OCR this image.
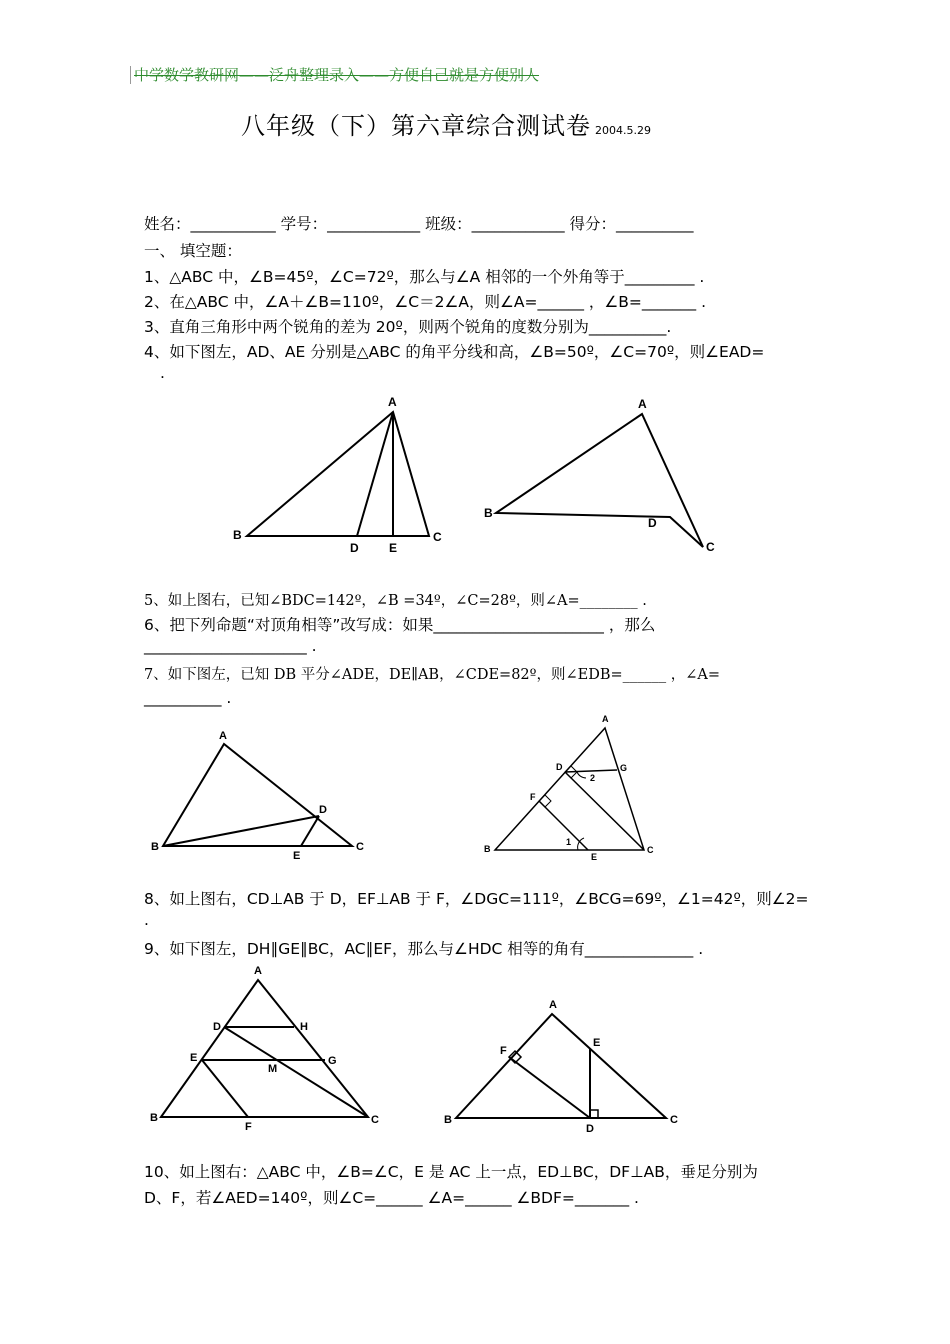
中学数学教研网——泛舟整理录入——方便自己就是方便别人
八年级（下）第六章综合测试卷 2004.5.29
姓名：___________ 学号：____________ 班级：____________ 得分：__________
一、 填空题：
1、△ABC 中，∠B=45º，∠C=72º，那么与∠A 相邻的一个外角等于_________ .
2、在△ABC 中，∠A＋∠B=110º，∠C＝2∠A，则∠A=______ ，∠B=_______ .
3、直角三角形中两个锐角的差为 20º，则两个锐角的度数分别为__________.
4、如下图左，AD、AE 分别是△ABC 的角平分线和高，∠B=50º，∠C=70º，则∠EAD=
.
A
B	C
D	E
A
B
C
D
5、如上图右，已知∠BDC=142º，∠B =34º，∠C=28º，则∠A=________ .
6、把下列命题“对顶角相等”改写成：如果______________________ ，那么
_____________________ .
7、如下图左，已知 DB 平分∠ADE，DE∥AB，∠CDE=82º，则∠EDB=______ ，∠A=
__________ .
A
B	C
D
E
A
B	C
D
E
F
G
1
2
8、如上图右，CD⊥AB 于 D，EF⊥AB 于 F，∠DGC=111º，∠BCG=69º，∠1=42º，则∠2=
.
9、如下图左，DH∥GE∥BC，AC∥EF，那么与∠HDC 相等的角有______________ .
A
B	C
D
E
F
G
H
M
A
B	C
D
E
F
10、如上图右：△ABC 中，∠B=∠C，E 是 AC 上一点，ED⊥BC，DF⊥AB，垂足分别为
D、F，若∠AED=140º，则∠C=______ ∠A=______ ∠BDF=_______ .
